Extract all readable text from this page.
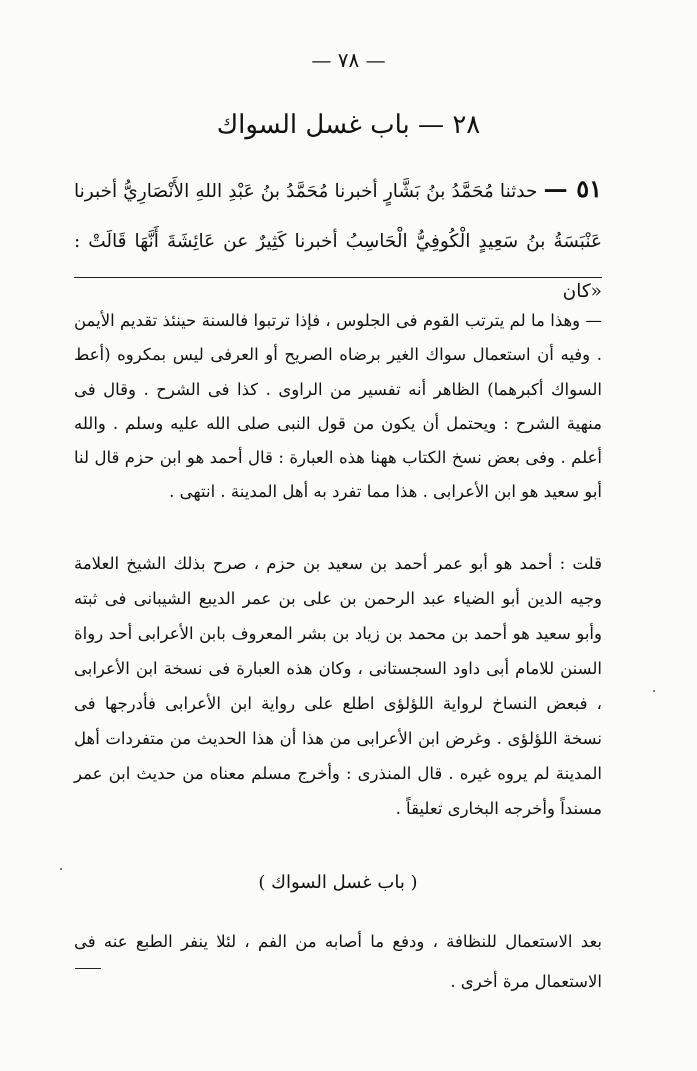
— ٧٨ —
٢٨ — باب غسل السواك
٥١ — حدثنا مُحَمَّدُ بنُ بَشَّارٍ أخبرنا مُحَمَّدُ بنُ عَبْدِ اللهِ الأَنْصَارِيُّ أخبرنا عَنْبَسَةُ بنُ سَعِيدٍ الْكُوفِيُّ الْحَاسِبُ أخبرنا كَثِيرٌ عن عَائِشَةَ أَنَّهَا قَالَتْ : «كان

— وهذا ما لم يترتب القوم فى الجلوس ، فإذا ترتبوا فالسنة حينئذ تقديم الأيمن . وفيه أن استعمال سواك الغير برضاه الصريح أو العرفى ليس بمكروه (أعط السواك أكبرهما) الظاهر أنه تفسير من الراوى . كذا فى الشرح . وقال فى منهية الشرح : ويحتمل أن يكون من قول النبى صلى الله عليه وسلم . والله أعلم . وفى بعض نسخ الكتاب ههنا هذه العبارة : قال أحمد هو ابن حزم قال لنا أبو سعيد هو ابن الأعرابى . هذا مما تفرد به أهل المدينة . انتهى .

قلت : أحمد هو أبو عمر أحمد بن سعيد بن حزم ، صرح بذلك الشيخ العلامة وجيه الدين أبو الضياء عبد الرحمن بن على بن عمر الديبع الشيبانى فى ثبته وأبو سعيد هو أحمد بن محمد بن زياد بن بشر المعروف بابن الأعرابى أحد رواة السنن للامام أبى داود السجستانى ، وكان هذه العبارة فى نسخة ابن الأعرابى ، فبعض النساخ لرواية اللؤلؤى اطلع على رواية ابن الأعرابى فأدرجها فى نسخة اللؤلؤى . وغرض ابن الأعرابى من هذا أن هذا الحديث من متفردات أهل المدينة لم يروه غيره . قال المنذرى : وأخرج مسلم معناه من حديث ابن عمر مسنداً وأخرجه البخارى تعليقاً .

( باب غسل السواك )

بعد الاستعمال للنظافة ، ودفع ما أصابه من الفم ، لئلا ينفر الطبع عنه فى الاستعمال مرة أخرى .
